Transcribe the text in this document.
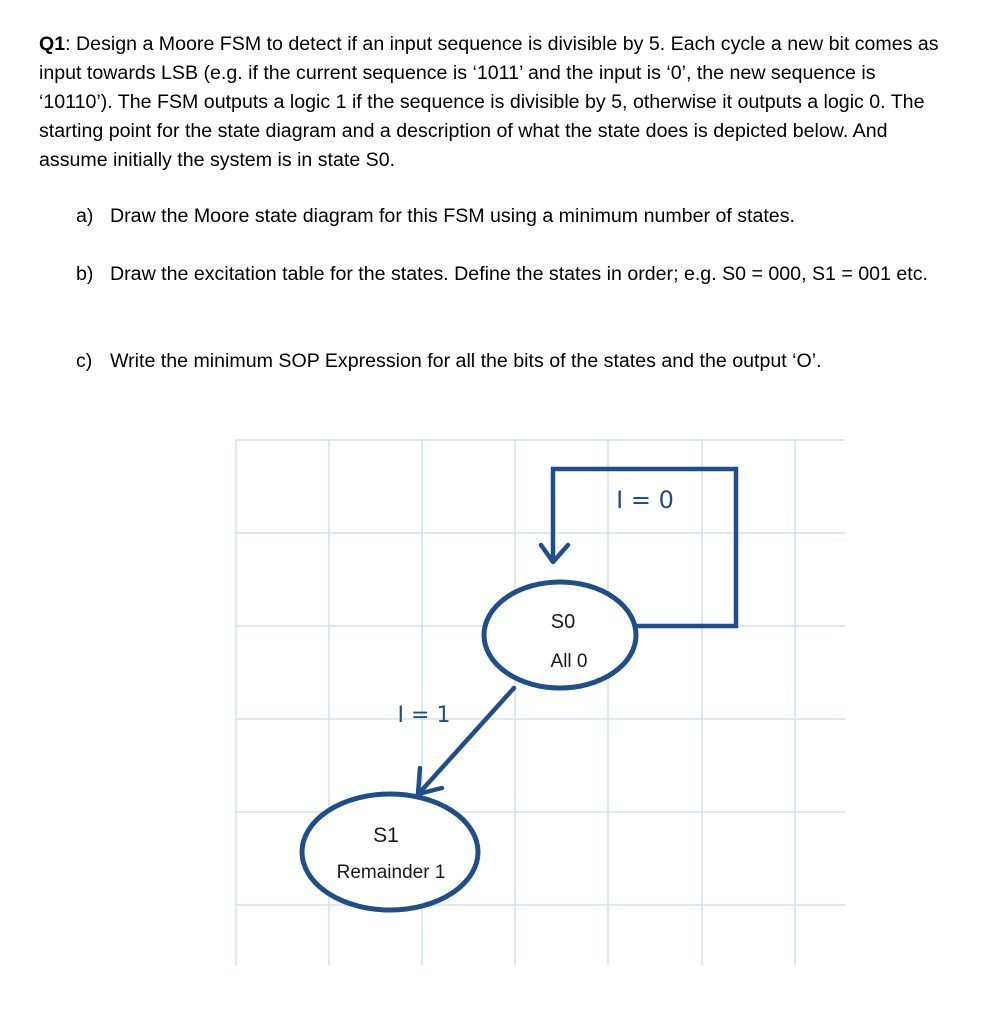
Q1: Design a Moore FSM to detect if an input sequence is divisible by 5. Each cycle a new bit comes as input towards LSB (e.g. if the current sequence is ‘1011’ and the input is ‘0’, the new sequence is ‘10110’). The FSM outputs a logic 1 if the sequence is divisible by 5, otherwise it outputs a logic 0. The starting point for the state diagram and a description of what the state does is depicted below. And assume initially the system is in state S0.
a) Draw the Moore state diagram for this FSM using a minimum number of states.
b) Draw the excitation table for the states. Define the states in order; e.g. S0 = 000, S1 = 001 etc.
c) Write the minimum SOP Expression for all the bits of the states and the output ‘O’.
S0
All 0
S1
Remainder 1
I = 0
I = 1
